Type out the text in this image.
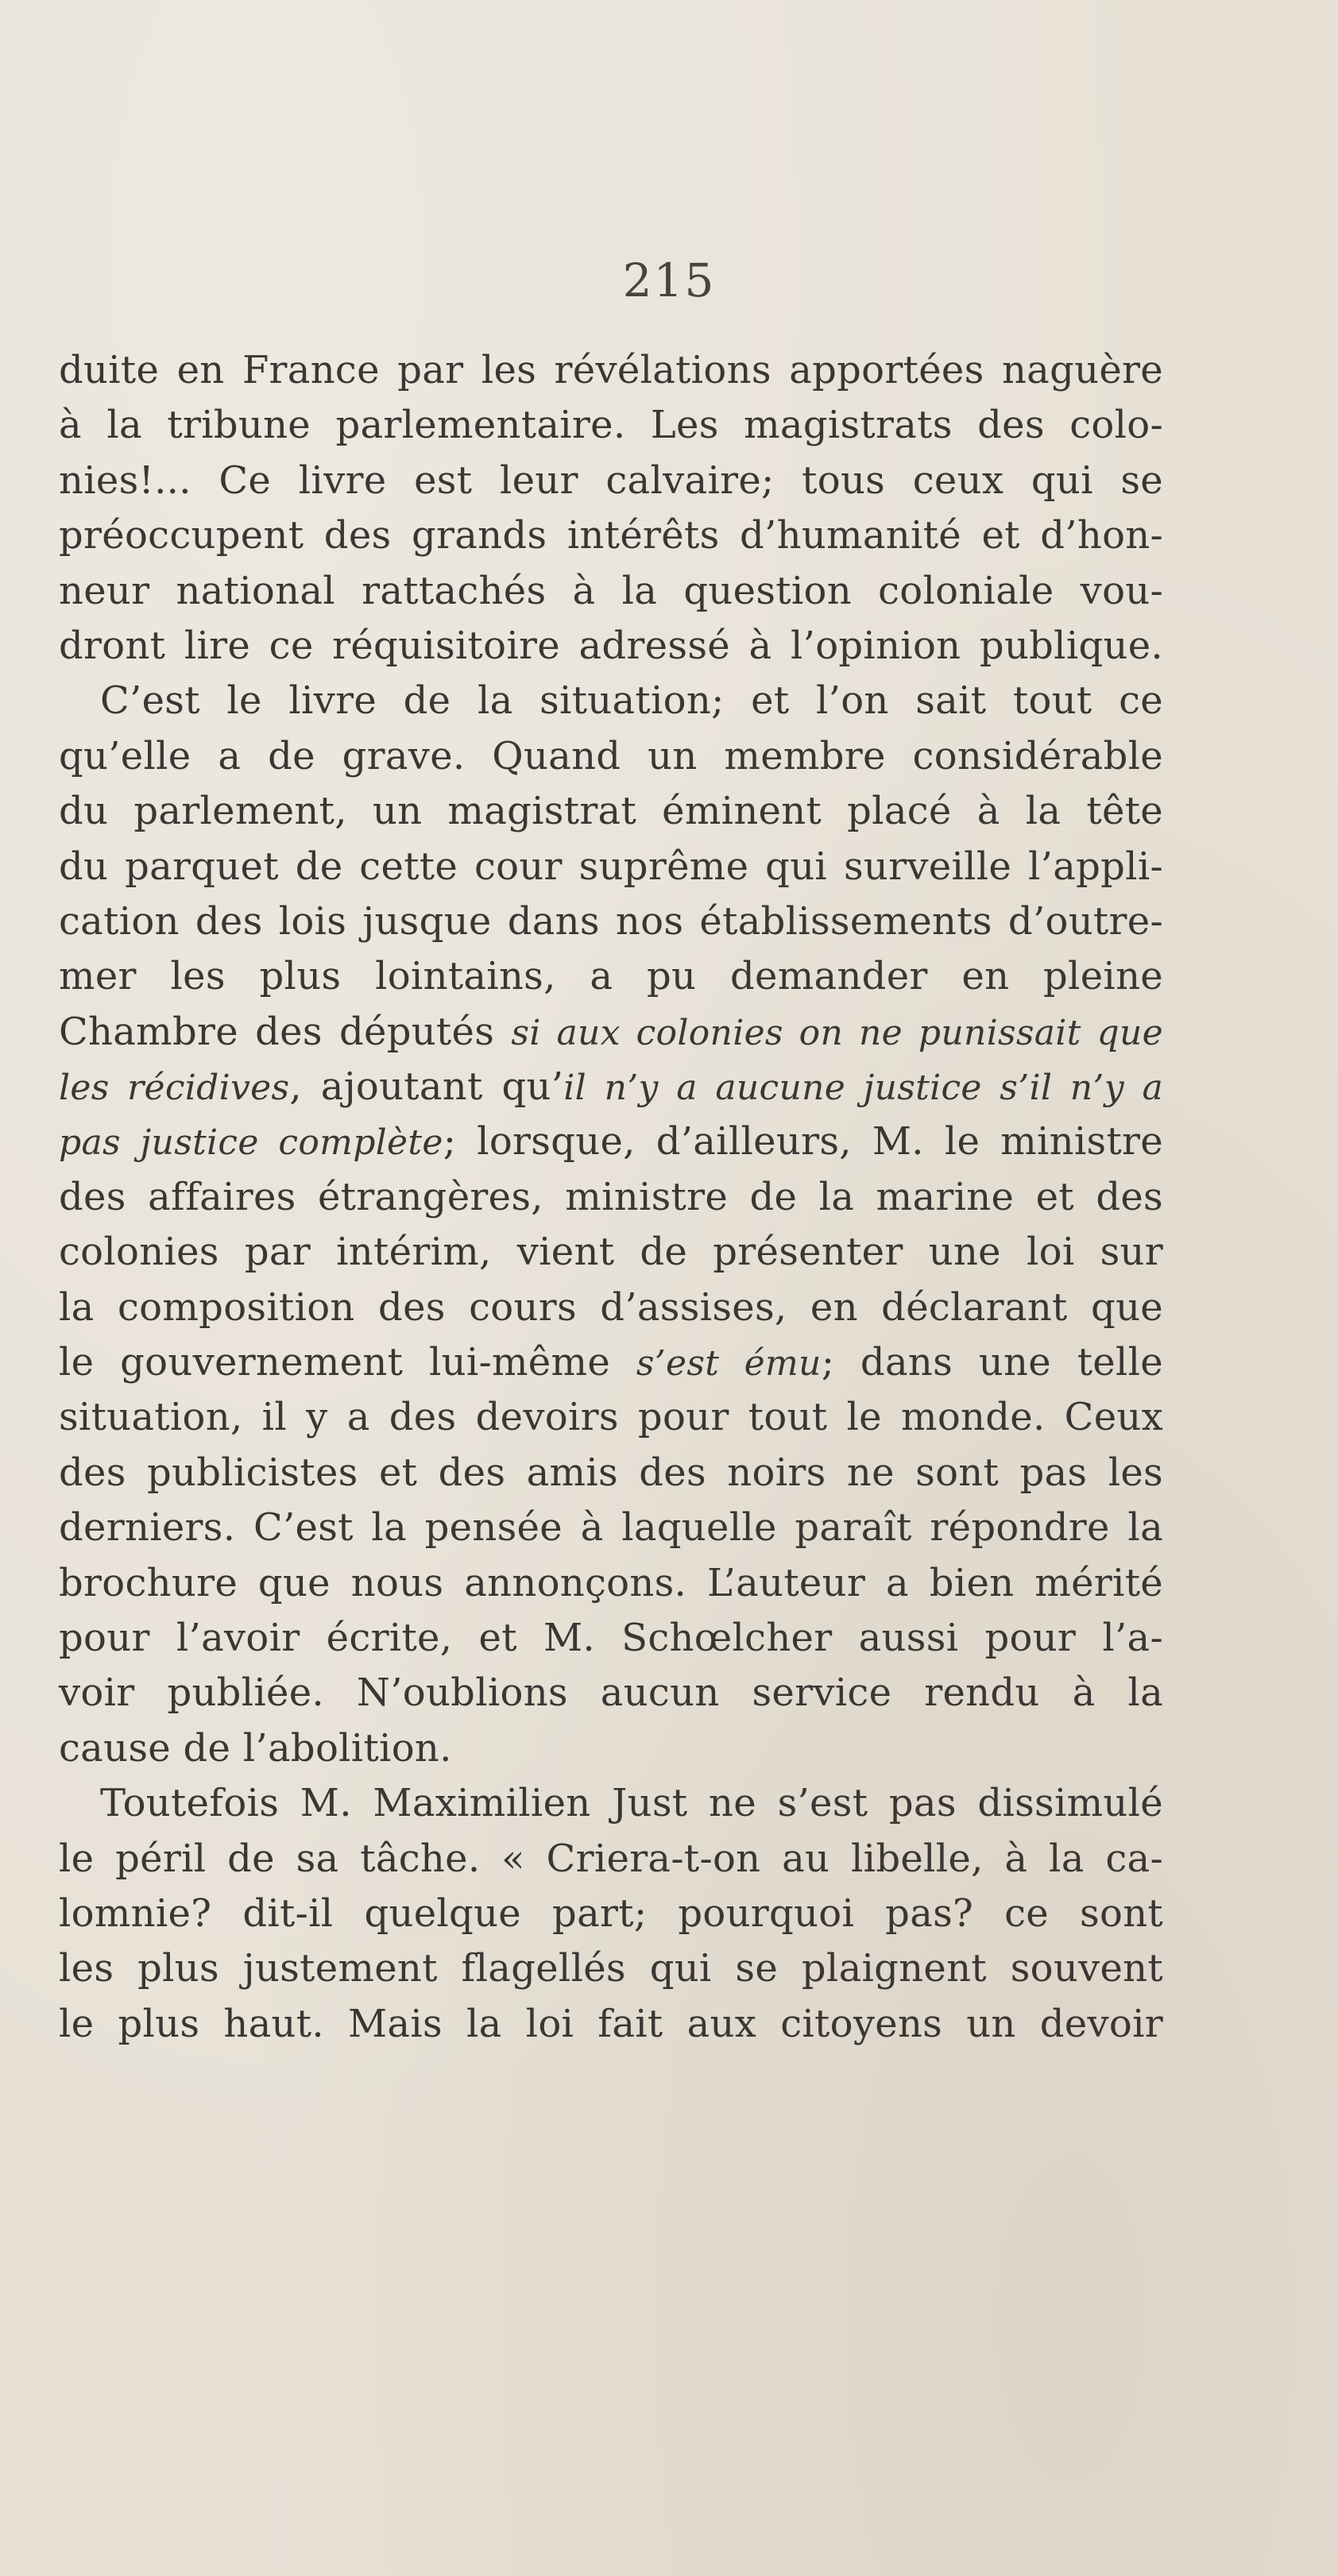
215
duite en France par les révélations apportées naguère
à la tribune parlementaire. Les magistrats des colo-
nies!... Ce livre est leur calvaire; tous ceux qui se
préoccupent des grands intérêts d’humanité et d’hon-
neur national rattachés à la question coloniale vou-
dront lire ce réquisitoire adressé à l’opinion publique.
C’est le livre de la situation; et l’on sait tout ce
qu’elle a de grave. Quand un membre considérable
du parlement, un magistrat éminent placé à la tête
du parquet de cette cour suprême qui surveille l’appli-
cation des lois jusque dans nos établissements d’outre-
mer les plus lointains, a pu demander en pleine
Chambre des députés si aux colonies on ne punissait que
les récidives, ajoutant qu’il n’y a aucune justice s’il n’y a
pas justice complète; lorsque, d’ailleurs, M. le ministre
des affaires étrangères, ministre de la marine et des
colonies par intérim, vient de présenter une loi sur
la composition des cours d’assises, en déclarant que
le gouvernement lui-même s’est ému; dans une telle
situation, il y a des devoirs pour tout le monde. Ceux
des publicistes et des amis des noirs ne sont pas les
derniers. C’est la pensée à laquelle paraît répondre la
brochure que nous annonçons. L’auteur a bien mérité
pour l’avoir écrite, et M. Schœlcher aussi pour l’a-
voir publiée. N’oublions aucun service rendu à la
cause de l’abolition.
Toutefois M. Maximilien Just ne s’est pas dissimulé
le péril de sa tâche. « Criera-t-on au libelle, à la ca-
lomnie? dit-il quelque part; pourquoi pas? ce sont
les plus justement flagellés qui se plaignent souvent
le plus haut. Mais la loi fait aux citoyens un devoir
